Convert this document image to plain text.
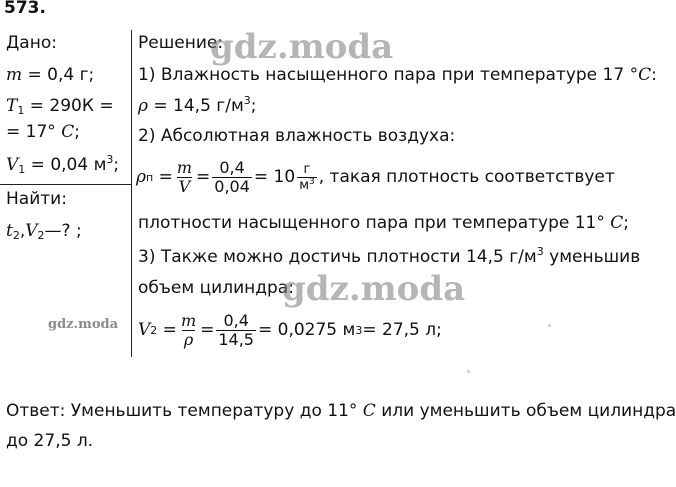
573.
Дано:
m = 0,4 г;
$T_1 = 290К$ =
= 17° C;
$V_1 = 0,04$ $м^3$;
Найти:
$t_2,V_2—$? ;
Решение:
1) Влажность насыщенного пара при температуре 17 °C:
ρ = 14,5 $г/м^3$;
2) Абсолютная влажность воздуха:
ρ $п = \frac{m}{V} = \frac{0,4}{0,04} = 10 \frac{г}{м^3}$ , такая плотность соответствует
плотности насыщенного пара при температуре 11° C;
3) Также можно достичь плотности 14,5 $г/м^3$ уменьшив
объем цилиндра:
V $2 = \frac{m}{\rho} = \frac{0,4}{14,5} = 0,0275$ м 3 = 27,5 л;
Ответ: Уменьшить температуру до 11° C или уменьшить объем цилиндра
до 27,5 л.
gdz.moda
gdz.moda
gdz.moda
